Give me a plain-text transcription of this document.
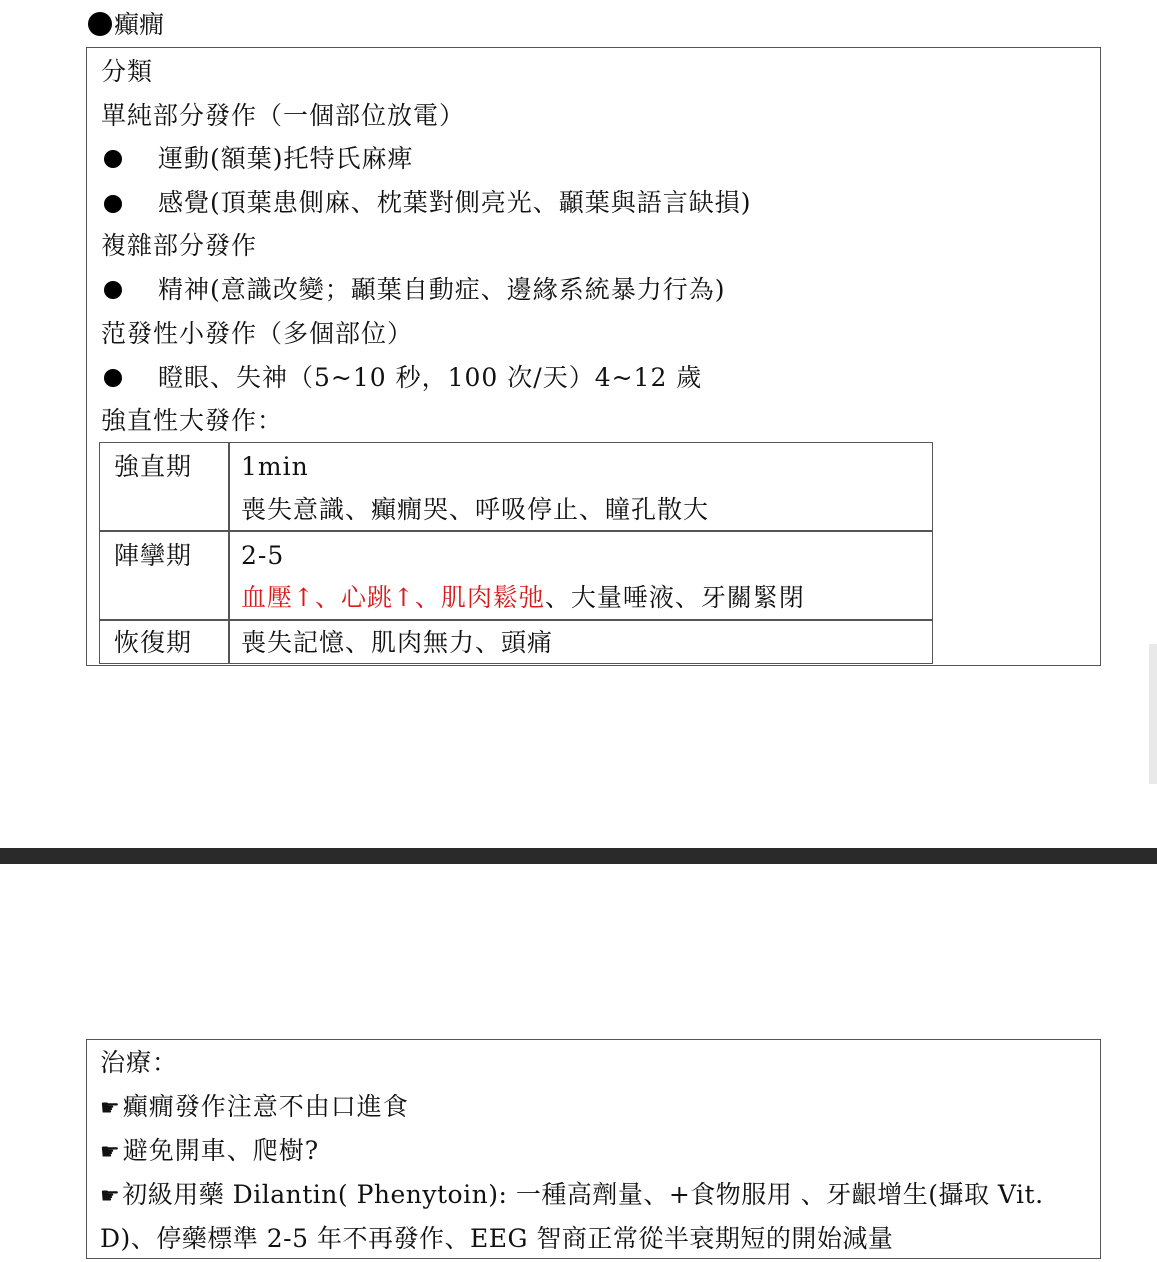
癲癇
分類
單純部分發作（一個部位放電）
運動(額葉)托特氏麻痺
感覺(頂葉患側麻、枕葉對側亮光、顳葉與語言缺損)
複雜部分發作
精神(意識改變；顳葉自動症、邊緣系統暴力行為)
范發性小發作（多個部位）
瞪眼、失神（5~10 秒，100 次/天）4~12 歲
強直性大發作：
強直期 1min
喪失意識、癲癇哭、呼吸停止、瞳孔散大
陣攣期 2-5
血壓↑、心跳↑、肌肉鬆弛、大量唾液、牙關緊閉
恢復期 喪失記憶、肌肉無力、頭痛
治療：
☛癲癇發作注意不由口進食
☛避免開車、爬樹?
☛初級用藥 Dilantin( Phenytoin): 一種高劑量、+食物服用 、牙齦增生(攝取 Vit.
D)、停藥標準 2-5 年不再發作、EEG 智商正常從半衰期短的開始減量
